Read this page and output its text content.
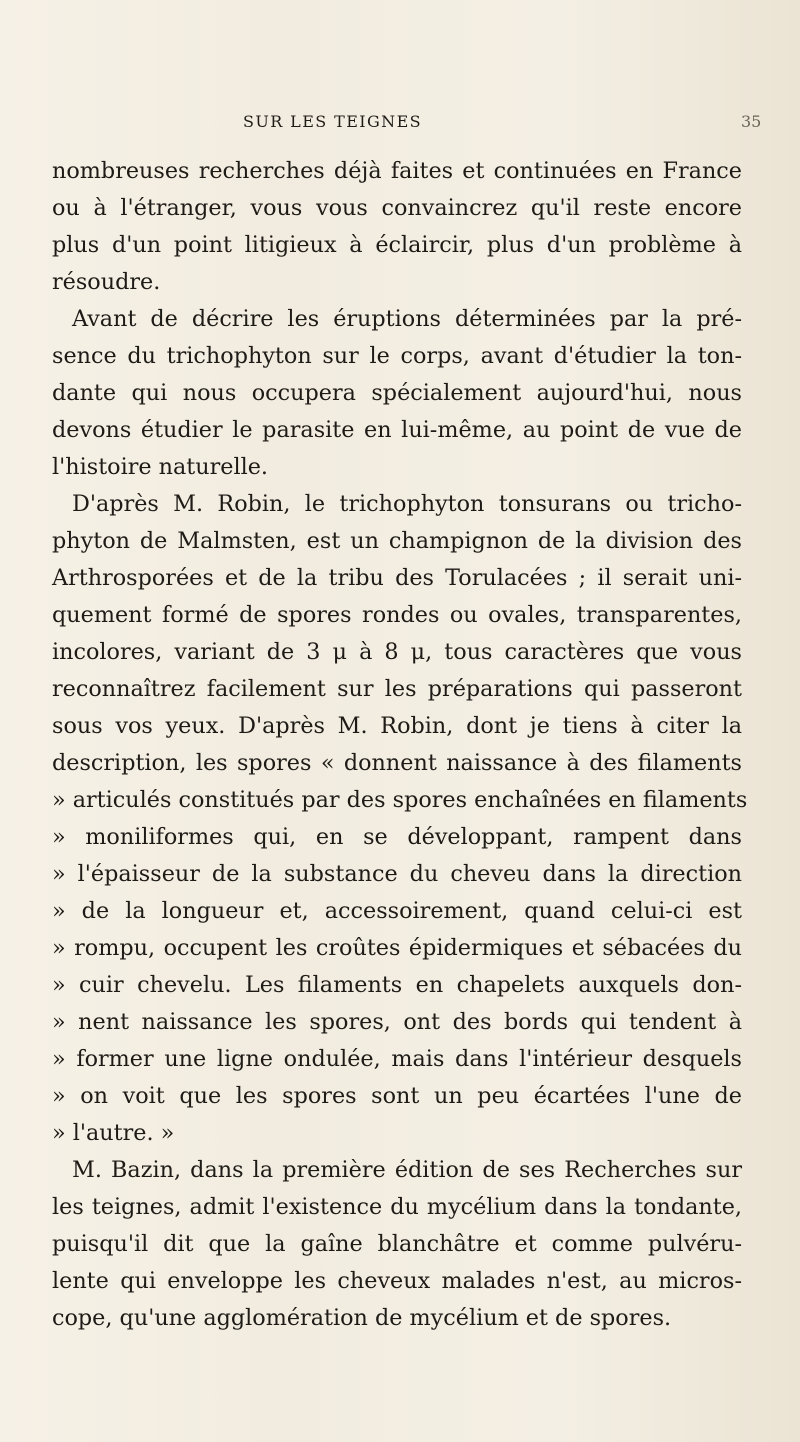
SUR LES TEIGNES	35
nombreuses recherches déjà faites et continuées en France
ou à l'étranger, vous vous convaincrez qu'il reste encore
plus d'un point litigieux à éclaircir, plus d'un problème à
résoudre.
Avant de décrire les éruptions déterminées par la pré-
sence du trichophyton sur le corps, avant d'étudier la ton-
dante qui nous occupera spécialement aujourd'hui, nous
devons étudier le parasite en lui-même, au point de vue de
l'histoire naturelle.
D'après M. Robin, le trichophyton tonsurans ou tricho-
phyton de Malmsten, est un champignon de la division des
Arthrosporées et de la tribu des Torulacées ; il serait uni-
quement formé de spores rondes ou ovales, transparentes,
incolores, variant de 3 μ à 8 μ, tous caractères que vous
reconnaîtrez facilement sur les préparations qui passeront
sous vos yeux. D'après M. Robin, dont je tiens à citer la
description, les spores « donnent naissance à des filaments
» articulés constitués par des spores enchaînées en filaments
» moniliformes qui, en se développant, rampent dans
» l'épaisseur de la substance du cheveu dans la direction
» de la longueur et, accessoirement, quand celui-ci est
» rompu, occupent les croûtes épidermiques et sébacées du
» cuir chevelu. Les filaments en chapelets auxquels don-
» nent naissance les spores, ont des bords qui tendent à
» former une ligne ondulée, mais dans l'intérieur desquels
» on voit que les spores sont un peu écartées l'une de
» l'autre. »
M. Bazin, dans la première édition de ses Recherches sur
les teignes, admit l'existence du mycélium dans la tondante,
puisqu'il dit que la gaîne blanchâtre et comme pulvéru-
lente qui enveloppe les cheveux malades n'est, au micros-
cope, qu'une agglomération de mycélium et de spores.
